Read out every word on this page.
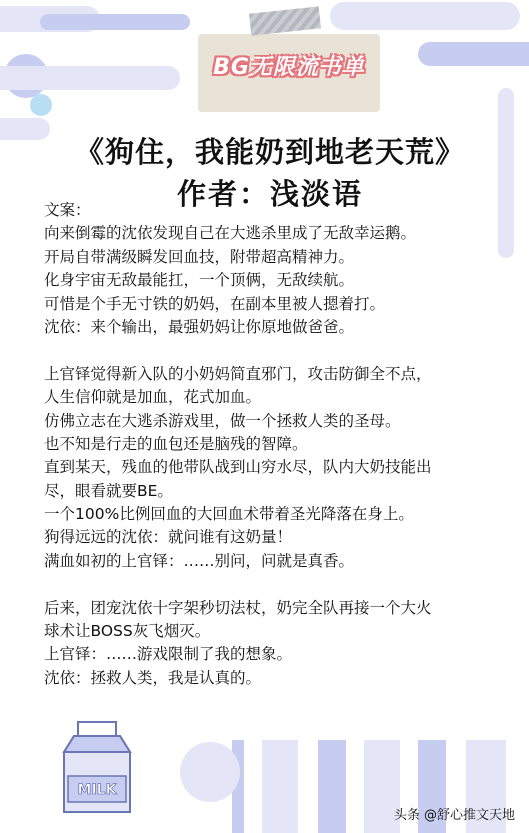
BG无限流书单
《狗住，我能奶到地老天荒》
作者：浅淡语

文案：

向来倒霉的沈依发现自己在大逃杀里成了无敌幸运鹅。

开局自带满级瞬发回血技，附带超高精神力。

化身宇宙无敌最能扛，一个顶俩，无敌续航。

可惜是个手无寸铁的奶妈，在副本里被人摁着打。

沈依：来个输出，最强奶妈让你原地做爸爸。

上官铎觉得新入队的小奶妈简直邪门，攻击防御全不点，

人生信仰就是加血，花式加血。

仿佛立志在大逃杀游戏里，做一个拯救人类的圣母。

也不知是行走的血包还是脑残的智障。

直到某天，残血的他带队战到山穷水尽，队内大奶技能出

尽，眼看就要BE。

一个100%比例回血的大回血术带着圣光降落在身上。

狗得远远的沈依：就问谁有这奶量！

满血如初的上官铎：……别问，问就是真香。

后来，团宠沈依十字架秒切法杖，奶完全队再接一个大火

球术让BOSS灰飞烟灭。

上官铎：……游戏限制了我的想象。

沈依：拯救人类，我是认真的。

MILK
头条 @舒心推文天地
